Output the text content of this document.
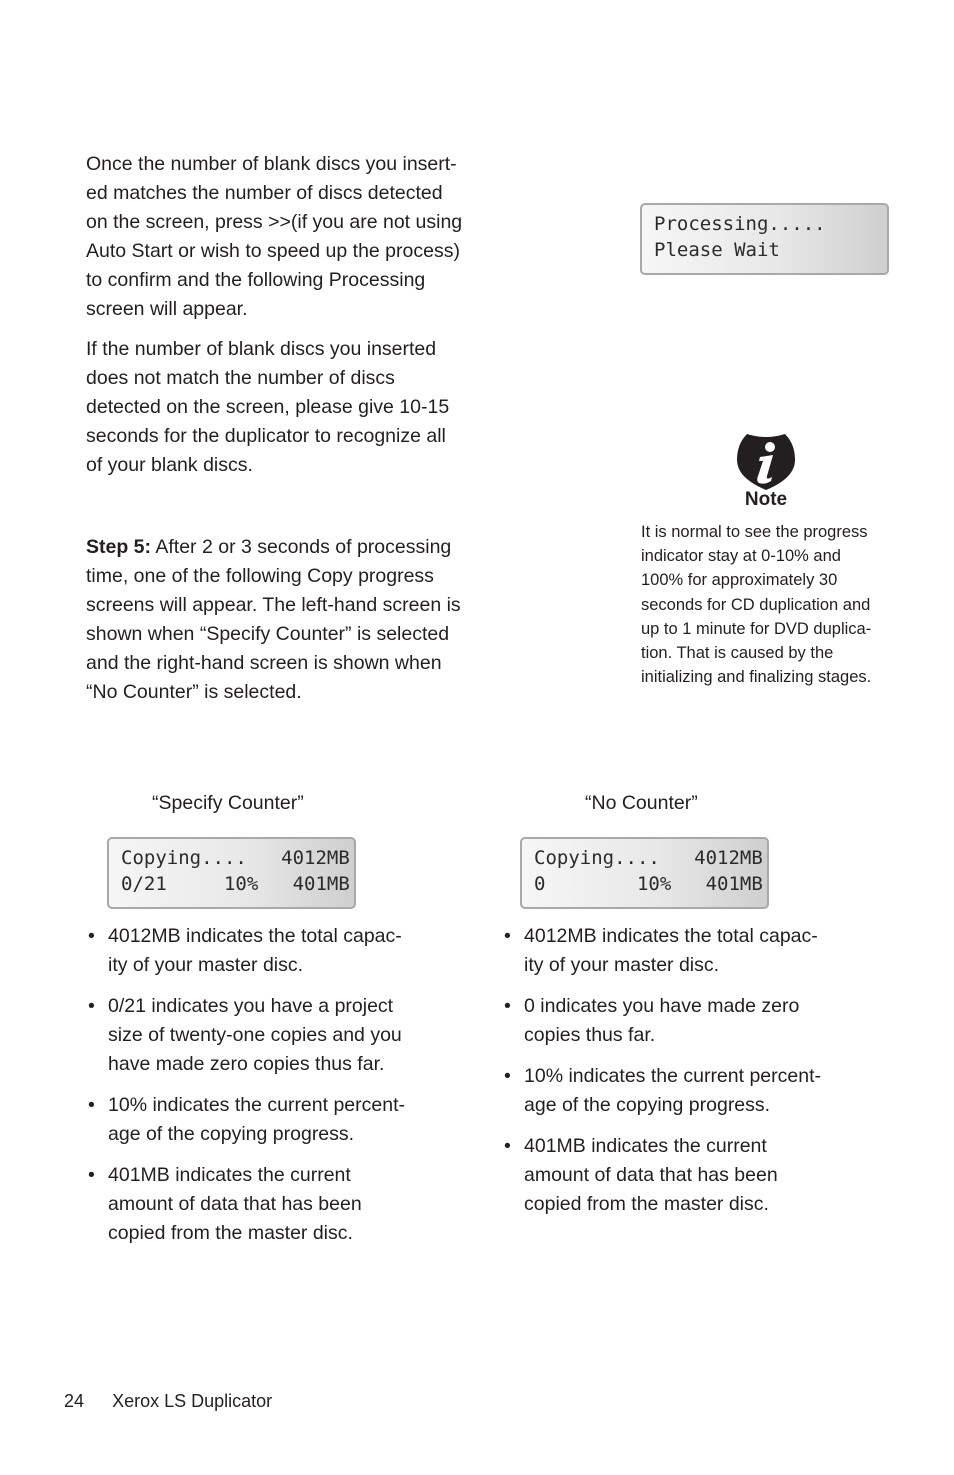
Once the number of blank discs you insert-
ed matches the number of discs detected
on the screen, press >>(if you are not using
Auto Start or wish to speed up the process)
to confirm and the following Processing
screen will appear.
If the number of blank discs you inserted
does not match the number of discs
detected on the screen, please give 10-15
seconds for the duplicator to recognize all
of your blank discs.
Processing.....
Please Wait
Note
It is normal to see the progress
indicator stay at 0-10% and
100% for approximately 30
seconds for CD duplication and
up to 1 minute for DVD duplica-
tion. That is caused by the
initializing and finalizing stages.
Step 5: After 2 or 3 seconds of processing
time, one of the following Copy progress
screens will appear. The left-hand screen is
shown when “Specify Counter” is selected
and the right-hand screen is shown when
“No Counter” is selected.
“Specify Counter”
Copying....   4012MB
0/21     10%   401MB
• 4012MB indicates the total capac-
ity of your master disc.
• 0/21 indicates you have a project
size of twenty-one copies and you
have made zero copies thus far.
• 10% indicates the current percent-
age of the copying progress.
• 401MB indicates the current
amount of data that has been
copied from the master disc.
“No Counter”
Copying....   4012MB
0        10%   401MB
• 4012MB indicates the total capac-
ity of your master disc.
• 0 indicates you have made zero
copies thus far.
• 10% indicates the current percent-
age of the copying progress.
• 401MB indicates the current
amount of data that has been
copied from the master disc.
24 Xerox LS Duplicator
